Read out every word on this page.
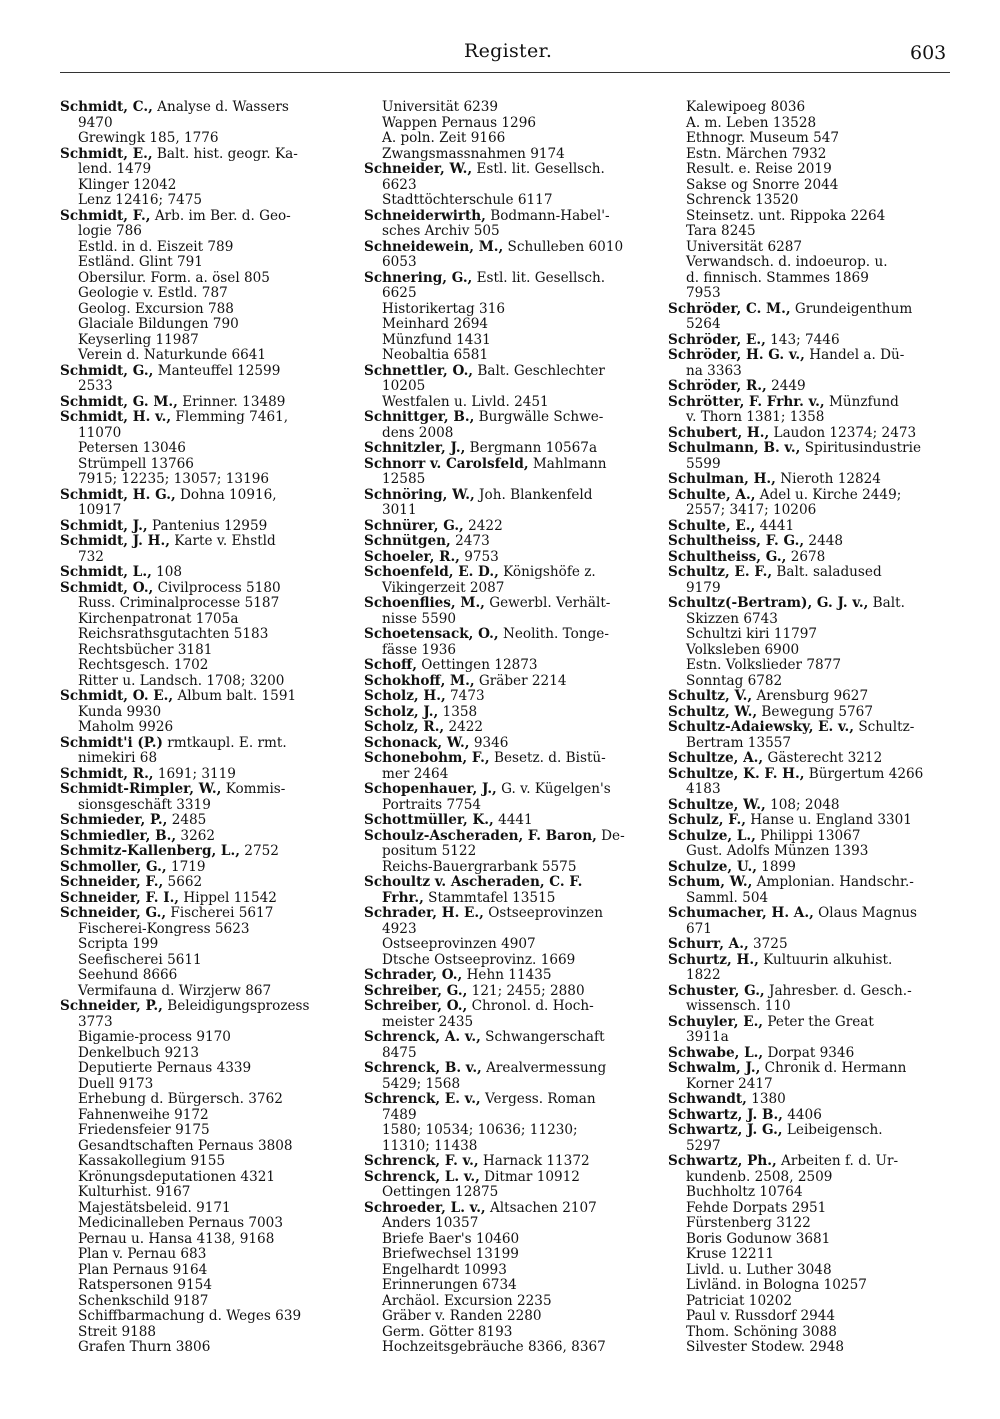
Register.	603
Schmidt, C., Analyse d. Wassers
9470
Grewingk 185, 1776
Schmidt, E., Balt. hist. geogr. Ka-
lend. 1479
Klinger 12042
Lenz 12416; 7475
Schmidt, F., Arb. im Ber. d. Geo-
logie 786
Estld. in d. Eiszeit 789
Estländ. Glint 791
Obersilur. Form. a. ösel 805
Geologie v. Estld. 787
Geolog. Excursion 788
Glaciale Bildungen 790
Keyserling 11987
Verein d. Naturkunde 6641
Schmidt, G., Manteuffel 12599
2533
Schmidt, G. M., Erinner. 13489
Schmidt, H. v., Flemming 7461,
11070
Petersen 13046
Strümpell 13766
7915; 12235; 13057; 13196
Schmidt, H. G., Dohna 10916,
10917
Schmidt, J., Pantenius 12959
Schmidt, J. H., Karte v. Ehstld
732
Schmidt, L., 108
Schmidt, O., Civilprocess 5180
Russ. Criminalprocesse 5187
Kirchenpatronat 1705a
Reichsrathsgutachten 5183
Rechtsbücher 3181
Rechtsgesch. 1702
Ritter u. Landsch. 1708; 3200
Schmidt, O. E., Album balt. 1591
Kunda 9930
Maholm 9926
Schmidt'i (P.) rmtkaupl. E. rmt.
nimekiri 68
Schmidt, R., 1691; 3119
Schmidt-Rimpler, W., Kommis-
sionsgeschäft 3319
Schmieder, P., 2485
Schmiedler, B., 3262
Schmitz-Kallenberg, L., 2752
Schmoller, G., 1719
Schneider, F., 5662
Schneider, F. I., Hippel 11542
Schneider, G., Fischerei 5617
Fischerei-Kongress 5623
Scripta 199
Seefischerei 5611
Seehund 8666
Vermifauna d. Wirzjerw 867
Schneider, P., Beleidigungsprozess
3773
Bigamie-process 9170
Denkelbuch 9213
Deputierte Pernaus 4339
Duell 9173
Erhebung d. Bürgersch. 3762
Fahnenweihe 9172
Friedensfeier 9175
Gesandtschaften Pernaus 3808
Kassakollegium 9155
Krönungsdeputationen 4321
Kulturhist. 9167
Majestätsbeleid. 9171
Medicinalleben Pernaus 7003
Pernau u. Hansa 4138, 9168
Plan v. Pernau 683
Plan Pernaus 9164
Ratspersonen 9154
Schenkschild 9187
Schiffbarmachung d. Weges 639
Streit 9188
Grafen Thurn 3806
Universität 6239
Wappen Pernaus 1296
A. poln. Zeit 9166
Zwangsmassnahmen 9174
Schneider, W., Estl. lit. Gesellsch.
6623
Stadttöchterschule 6117
Schneiderwirth, Bodmann-Habel'-
sches Archiv 505
Schneidewein, M., Schulleben 6010
6053
Schnering, G., Estl. lit. Gesellsch.
6625
Historikertag 316
Meinhard 2694
Münzfund 1431
Neobaltia 6581
Schnettler, O., Balt. Geschlechter
10205
Westfalen u. Livld. 2451
Schnittger, B., Burgwälle Schwe-
dens 2008
Schnitzler, J., Bergmann 10567a
Schnorr v. Carolsfeld, Mahlmann
12585
Schnöring, W., Joh. Blankenfeld
3011
Schnürer, G., 2422
Schnütgen, 2473
Schoeler, R., 9753
Schoenfeld, E. D., Königshöfe z.
Vikingerzeit 2087
Schoenflies, M., Gewerbl. Verhält-
nisse 5590
Schoetensack, O., Neolith. Tonge-
fässe 1936
Schoff, Oettingen 12873
Schokhoff, M., Gräber 2214
Scholz, H., 7473
Scholz, J., 1358
Scholz, R., 2422
Schonack, W., 9346
Schonebohm, F., Besetz. d. Bistü-
mer 2464
Schopenhauer, J., G. v. Kügelgen's
Portraits 7754
Schottmüller, K., 4441
Schoulz-Ascheraden, F. Baron, De-
positum 5122
Reichs-Bauergrarbank 5575
Schoultz v. Ascheraden, C. F.
Frhr., Stammtafel 13515
Schrader, H. E., Ostseeprovinzen
4923
Ostseeprovinzen 4907
Dtsche Ostseeprovinz. 1669
Schrader, O., Hehn 11435
Schreiber, G., 121; 2455; 2880
Schreiber, O., Chronol. d. Hoch-
meister 2435
Schrenck, A. v., Schwangerschaft
8475
Schrenck, B. v., Arealvermessung
5429; 1568
Schrenck, E. v., Vergess. Roman
7489
1580; 10534; 10636; 11230;
11310; 11438
Schrenck, F. v., Harnack 11372
Schrenck, L. v., Ditmar 10912
Oettingen 12875
Schroeder, L. v., Altsachen 2107
Anders 10357
Briefe Baer's 10460
Briefwechsel 13199
Engelhardt 10993
Erinnerungen 6734
Archäol. Excursion 2235
Gräber v. Randen 2280
Germ. Götter 8193
Hochzeitsgebräuche 8366, 8367
Kalewipoeg 8036
A. m. Leben 13528
Ethnogr. Museum 547
Estn. Märchen 7932
Result. e. Reise 2019
Sakse og Snorre 2044
Schrenck 13520
Steinsetz. unt. Rippoka 2264
Tara 8245
Universität 6287
Verwandsch. d. indoeurop. u.
d. finnisch. Stammes 1869
7953
Schröder, C. M., Grundeigenthum
5264
Schröder, E., 143; 7446
Schröder, H. G. v., Handel a. Dü-
na 3363
Schröder, R., 2449
Schrötter, F. Frhr. v., Münzfund
v. Thorn 1381; 1358
Schubert, H., Laudon 12374; 2473
Schulmann, B. v., Spiritusindustrie
5599
Schulman, H., Nieroth 12824
Schulte, A., Adel u. Kirche 2449;
2557; 3417; 10206
Schulte, E., 4441
Schultheiss, F. G., 2448
Schultheiss, G., 2678
Schultz, E. F., Balt. saladused
9179
Schultz(-Bertram), G. J. v., Balt.
Skizzen 6743
Schultzi kiri 11797
Volksleben 6900
Estn. Volkslieder 7877
Sonntag 6782
Schultz, V., Arensburg 9627
Schultz, W., Bewegung 5767
Schultz-Adaiewsky, E. v., Schultz-
Bertram 13557
Schultze, A., Gästerecht 3212
Schultze, K. F. H., Bürgertum 4266
4183
Schultze, W., 108; 2048
Schulz, F., Hanse u. England 3301
Schulze, L., Philippi 13067
Gust. Adolfs Münzen 1393
Schulze, U., 1899
Schum, W., Amplonian. Handschr.-
Samml. 504
Schumacher, H. A., Olaus Magnus
671
Schurr, A., 3725
Schurtz, H., Kultuurin alkuhist.
1822
Schuster, G., Jahresber. d. Gesch.-
wissensch. 110
Schuyler, E., Peter the Great
3911a
Schwabe, L., Dorpat 9346
Schwalm, J., Chronik d. Hermann
Korner 2417
Schwandt, 1380
Schwartz, J. B., 4406
Schwartz, J. G., Leibeigensch.
5297
Schwartz, Ph., Arbeiten f. d. Ur-
kundenb. 2508, 2509
Buchholtz 10764
Fehde Dorpats 2951
Fürstenberg 3122
Boris Godunow 3681
Kruse 12211
Livld. u. Luther 3048
Livländ. in Bologna 10257
Patriciat 10202
Paul v. Russdorf 2944
Thom. Schöning 3088
Silvester Stodew. 2948
